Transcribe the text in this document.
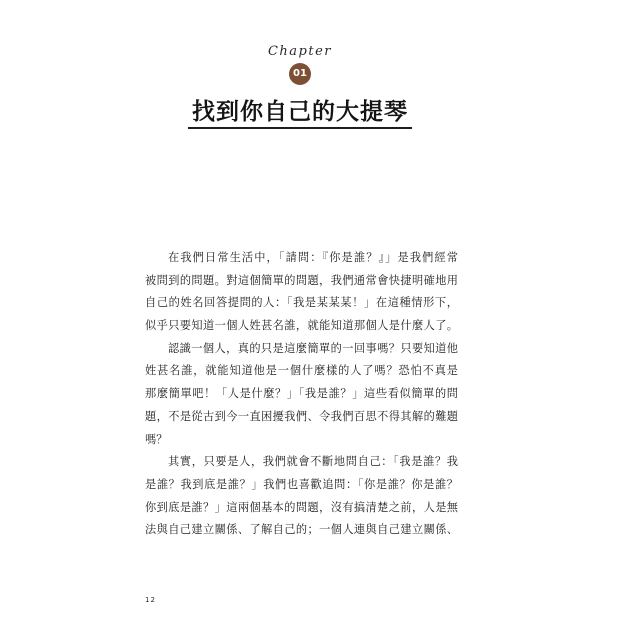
Chapter
01
找到你自己的大提琴
在我們日常生活中，「請問：『你是誰？』」是我們經常
被問到的問題。對這個簡單的問題，我們通常會快捷明確地用
自己的姓名回答提問的人：「我是某某某！」在這種情形下，
似乎只要知道一個人姓甚名誰，就能知道那個人是什麼人了。
認識一個人，真的只是這麼簡單的一回事嗎？只要知道他
姓甚名誰，就能知道他是一個什麼樣的人了嗎？恐怕不真是
那麼簡單吧！「人是什麼？」「我是誰？」這些看似簡單的問
題，不是從古到今一直困擾我們、令我們百思不得其解的難題
嗎？
其實，只要是人，我們就會不斷地問自己：「我是誰？我
是誰？我到底是誰？」我們也喜歡追問：「你是誰？你是誰？
你到底是誰？」這兩個基本的問題，沒有搞清楚之前，人是無
法與自己建立關係、了解自己的；一個人連與自己建立關係、
12
